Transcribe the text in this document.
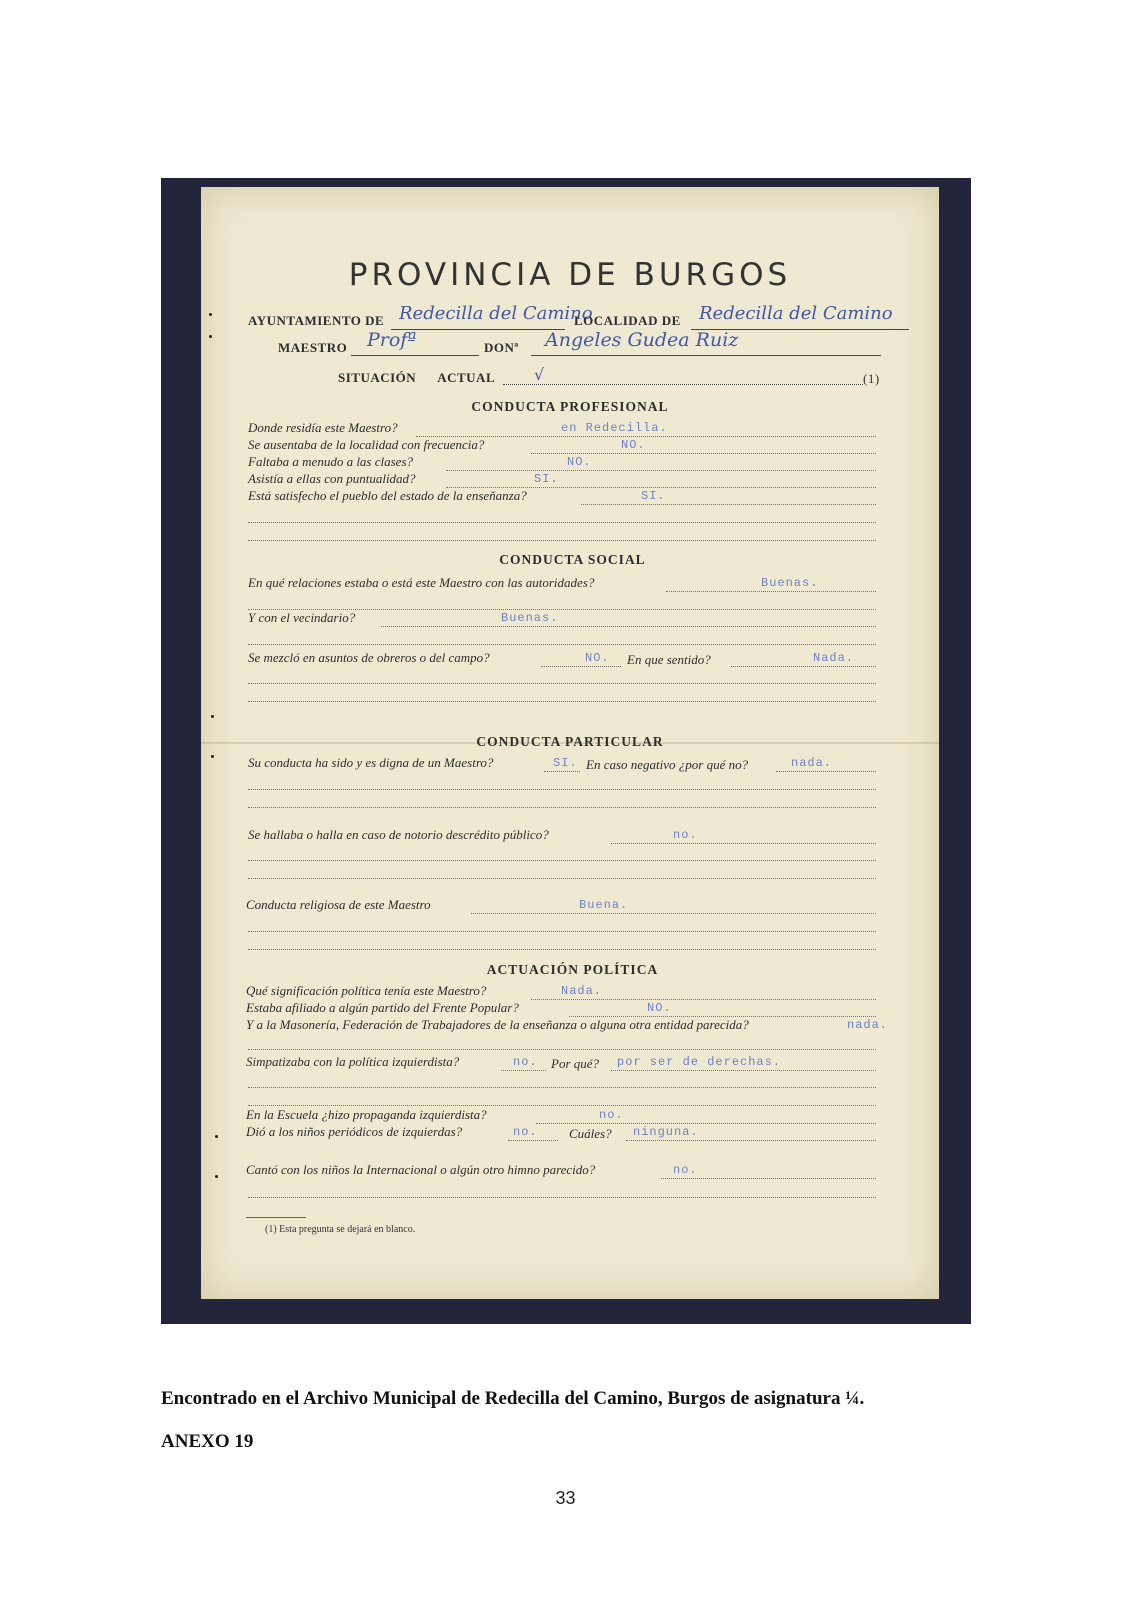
PROVINCIA DE BURGOS
AYUNTAMIENTO DE Redecilla del Camino
LOCALIDAD DE Redecilla del Camino
MAESTRO Profª	DONª Angeles Gudea Ruiz
SITUACIÓN ACTUAL √	(1)
CONDUCTA PROFESIONAL
Donde residía este Maestro?	en Redecilla.
Se ausentaba de la localidad con frecuencia?	NO.
Faltaba a menudo a las clases?	NO.
Asistía a ellas con puntualidad?	SI.
Está satisfecho el pueblo del estado de la enseñanza?	SI.
CONDUCTA SOCIAL
En qué relaciones estaba o está este Maestro con las autoridades?	Buenas.
Y con el vecindario?	Buenas.
Se mezcló en asuntos de obreros o del campo?	NO. En que sentido?	Nada.
CONDUCTA PARTICULAR
Su conducta ha sido y es digna de un Maestro?	SI. En caso negativo ¿por qué no?	nada.
Se hallaba o halla en caso de notorio descrédito público?	no.
Conducta religiosa de este Maestro	Buena.
ACTUACIÓN POLÍTICA
Qué significación política tenía este Maestro?	Nada.
Estaba afiliado a algún partido del Frente Popular?	NO.
Y a la Masonería, Federación de Trabajadores de la enseñanza o alguna otra entidad parecida?	nada.
Simpatizaba con la política izquierdista?	no. Por qué? por ser de derechas.
En la Escuela ¿hizo propaganda izquierdista?	no.
Dió a los niños periódicos de izquierdas?	no. Cuáles? ninguna.
Cantó con los niños la Internacional o algún otro himno parecido?	no.
(1) Esta pregunta se dejará en blanco.
Encontrado en el Archivo Municipal de Redecilla del Camino, Burgos de asignatura ¼.
ANEXO 19
33
